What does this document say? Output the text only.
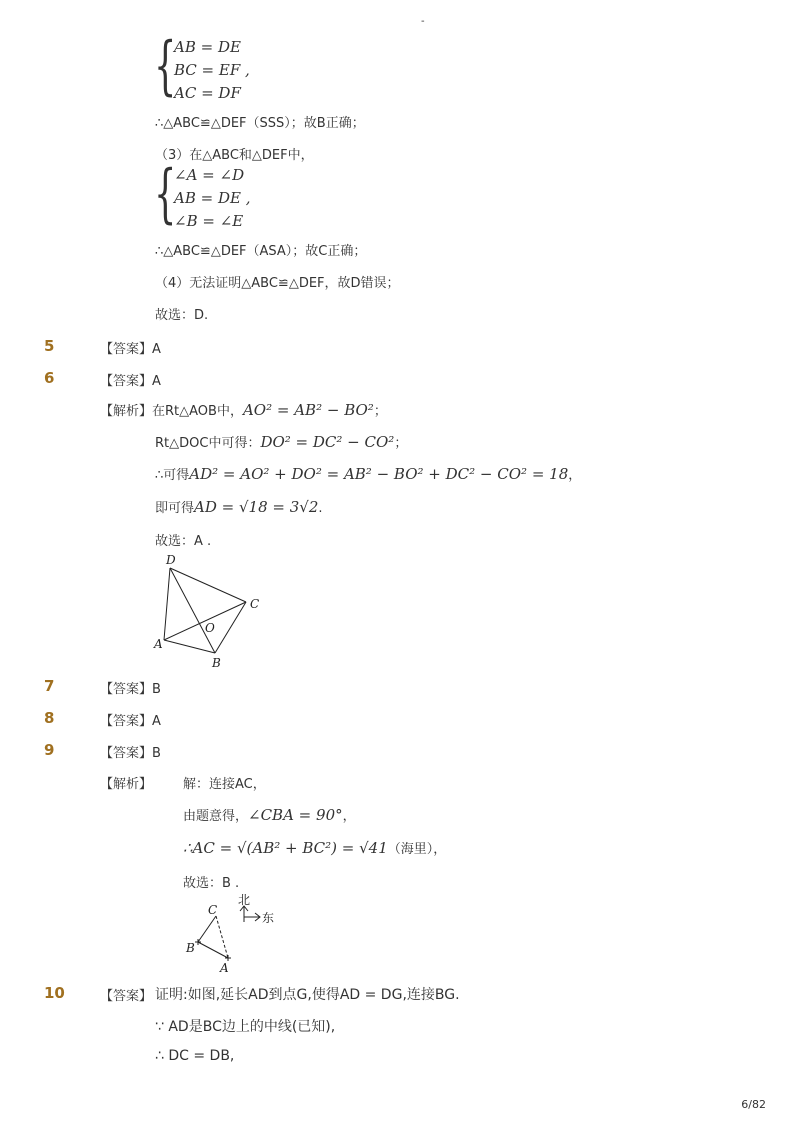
-
{
AB = DE
BC = EF ,
AC = DF
∴△ABC≌△DEF（SSS）；故B正确；
（3）在△ABC和△DEF中，
{
∠A = ∠D
AB = DE ,
∠B = ∠E
∴△ABC≌△DEF（ASA）；故C正确；
（4）无法证明△ABC≌△DEF，故D错误；
故选：D.
5	【答案】A
6	【答案】A
【解析】在Rt△AOB中，AO² = AB² − BO²；
Rt△DOC中可得：DO² = DC² − CO²；
∴可得AD² = AO² + DO² = AB² − BO² + DC² − CO² = 18，
即可得AD = √18 = 3√2.
故选：A .
D
C
O
A
B
7	【答案】B
8	【答案】A
9	【答案】B
【解析】 解：连接AC，
由题意得，∠CBA = 90°，
∴AC = √(AB² + BC²) = √41（海里），
故选：B .
C
B
A
北
东
10	【答案】 证明:如图,延长AD到点G,使得AD = DG,连接BG.
∵ AD是BC边上的中线(已知),
∴ DC = DB,
6/82
